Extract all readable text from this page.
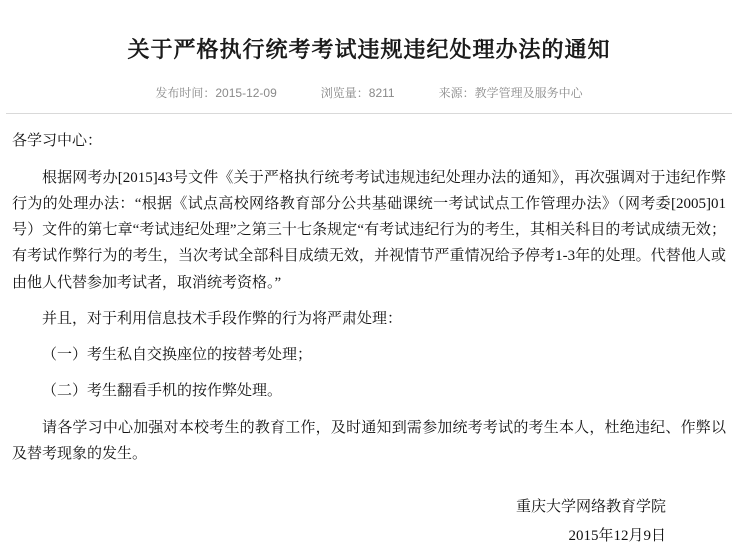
关于严格执行统考考试违规违纪处理办法的通知
发布时间：2015-12-09	浏览量：8211	来源：教学管理及服务中心

各学习中心：

根据网考办[2015]43号文件《关于严格执行统考考试违规违纪处理办法的通知》，再次强调对于违纪作弊行为的处理办法：“根据《试点高校网络教育部分公共基础课统一考试试点工作管理办法》（网考委[2005]01号）文件的第七章“考试违纪处理”之第三十七条规定“有考试违纪行为的考生，其相关科目的考试成绩无效；有考试作弊行为的考生，当次考试全部科目成绩无效，并视情节严重情况给予停考1-3年的处理。代替他人或由他人代替参加考试者，取消统考资格。”

并且，对于利用信息技术手段作弊的行为将严肃处理：

（一）考生私自交换座位的按替考处理；

（二）考生翻看手机的按作弊处理。

请各学习中心加强对本校考生的教育工作，及时通知到需参加统考考试的考生本人，杜绝违纪、作弊以及替考现象的发生。

重庆大学网络教育学院
2015年12月9日
